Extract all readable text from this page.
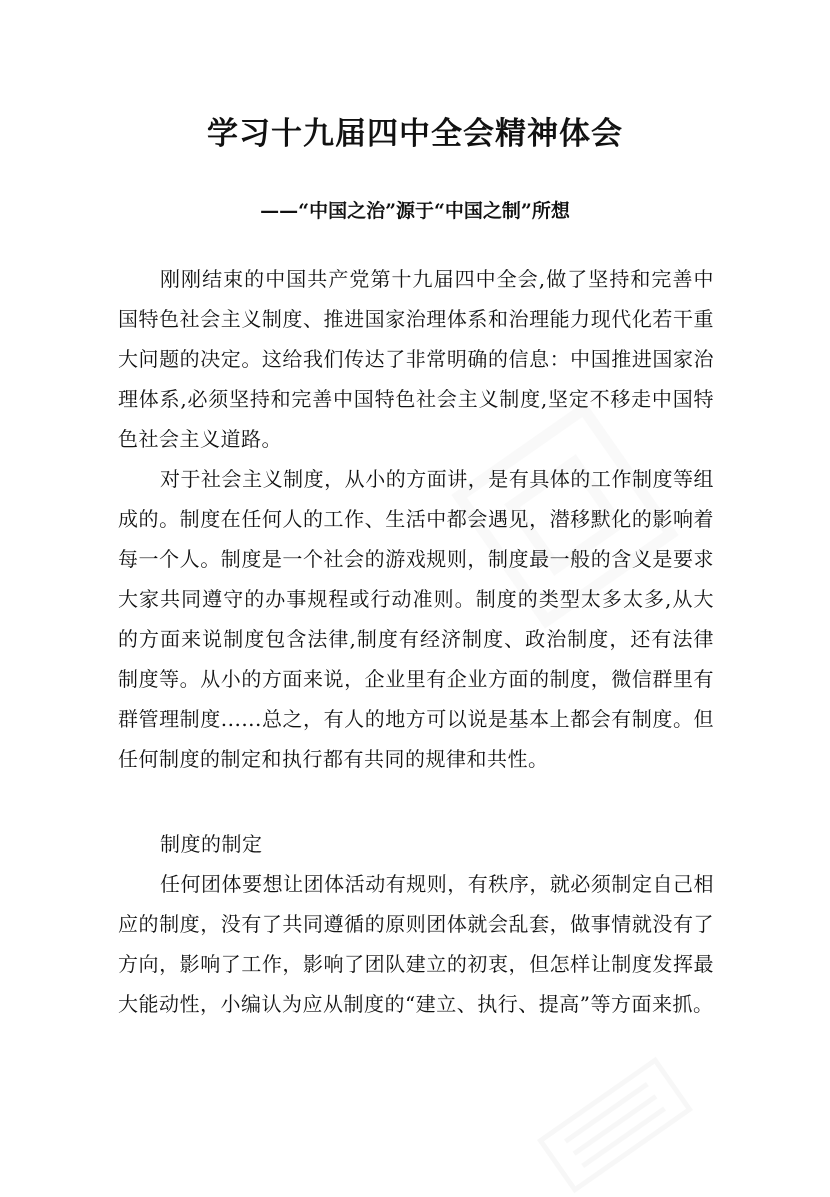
学习十九届四中全会精神体会

——“中国之治”源于“中国之制”所想

刚刚结束的中国共产党第十九届四中全会,做了坚持和完善中国特色社会主义制度、推进国家治理体系和治理能力现代化若干重大问题的决定。这给我们传达了非常明确的信息：中国推进国家治理体系,必须坚持和完善中国特色社会主义制度,坚定不移走中国特色社会主义道路。

对于社会主义制度，从小的方面讲，是有具体的工作制度等组成的。制度在任何人的工作、生活中都会遇见，潜移默化的影响着每一个人。制度是一个社会的游戏规则，制度最一般的含义是要求大家共同遵守的办事规程或行动准则。制度的类型太多太多,从大的方面来说制度包含法律,制度有经济制度、政治制度，还有法律制度等。从小的方面来说，企业里有企业方面的制度，微信群里有群管理制度......总之，有人的地方可以说是基本上都会有制度。但任何制度的制定和执行都有共同的规律和共性。

制度的制定

任何团体要想让团体活动有规则，有秩序，就必须制定自己相应的制度，没有了共同遵循的原则团体就会乱套，做事情就没有了方向，影响了工作，影响了团队建立的初衷，但怎样让制度发挥最大能动性，小编认为应从制度的“建立、执行、提高”等方面来抓。
